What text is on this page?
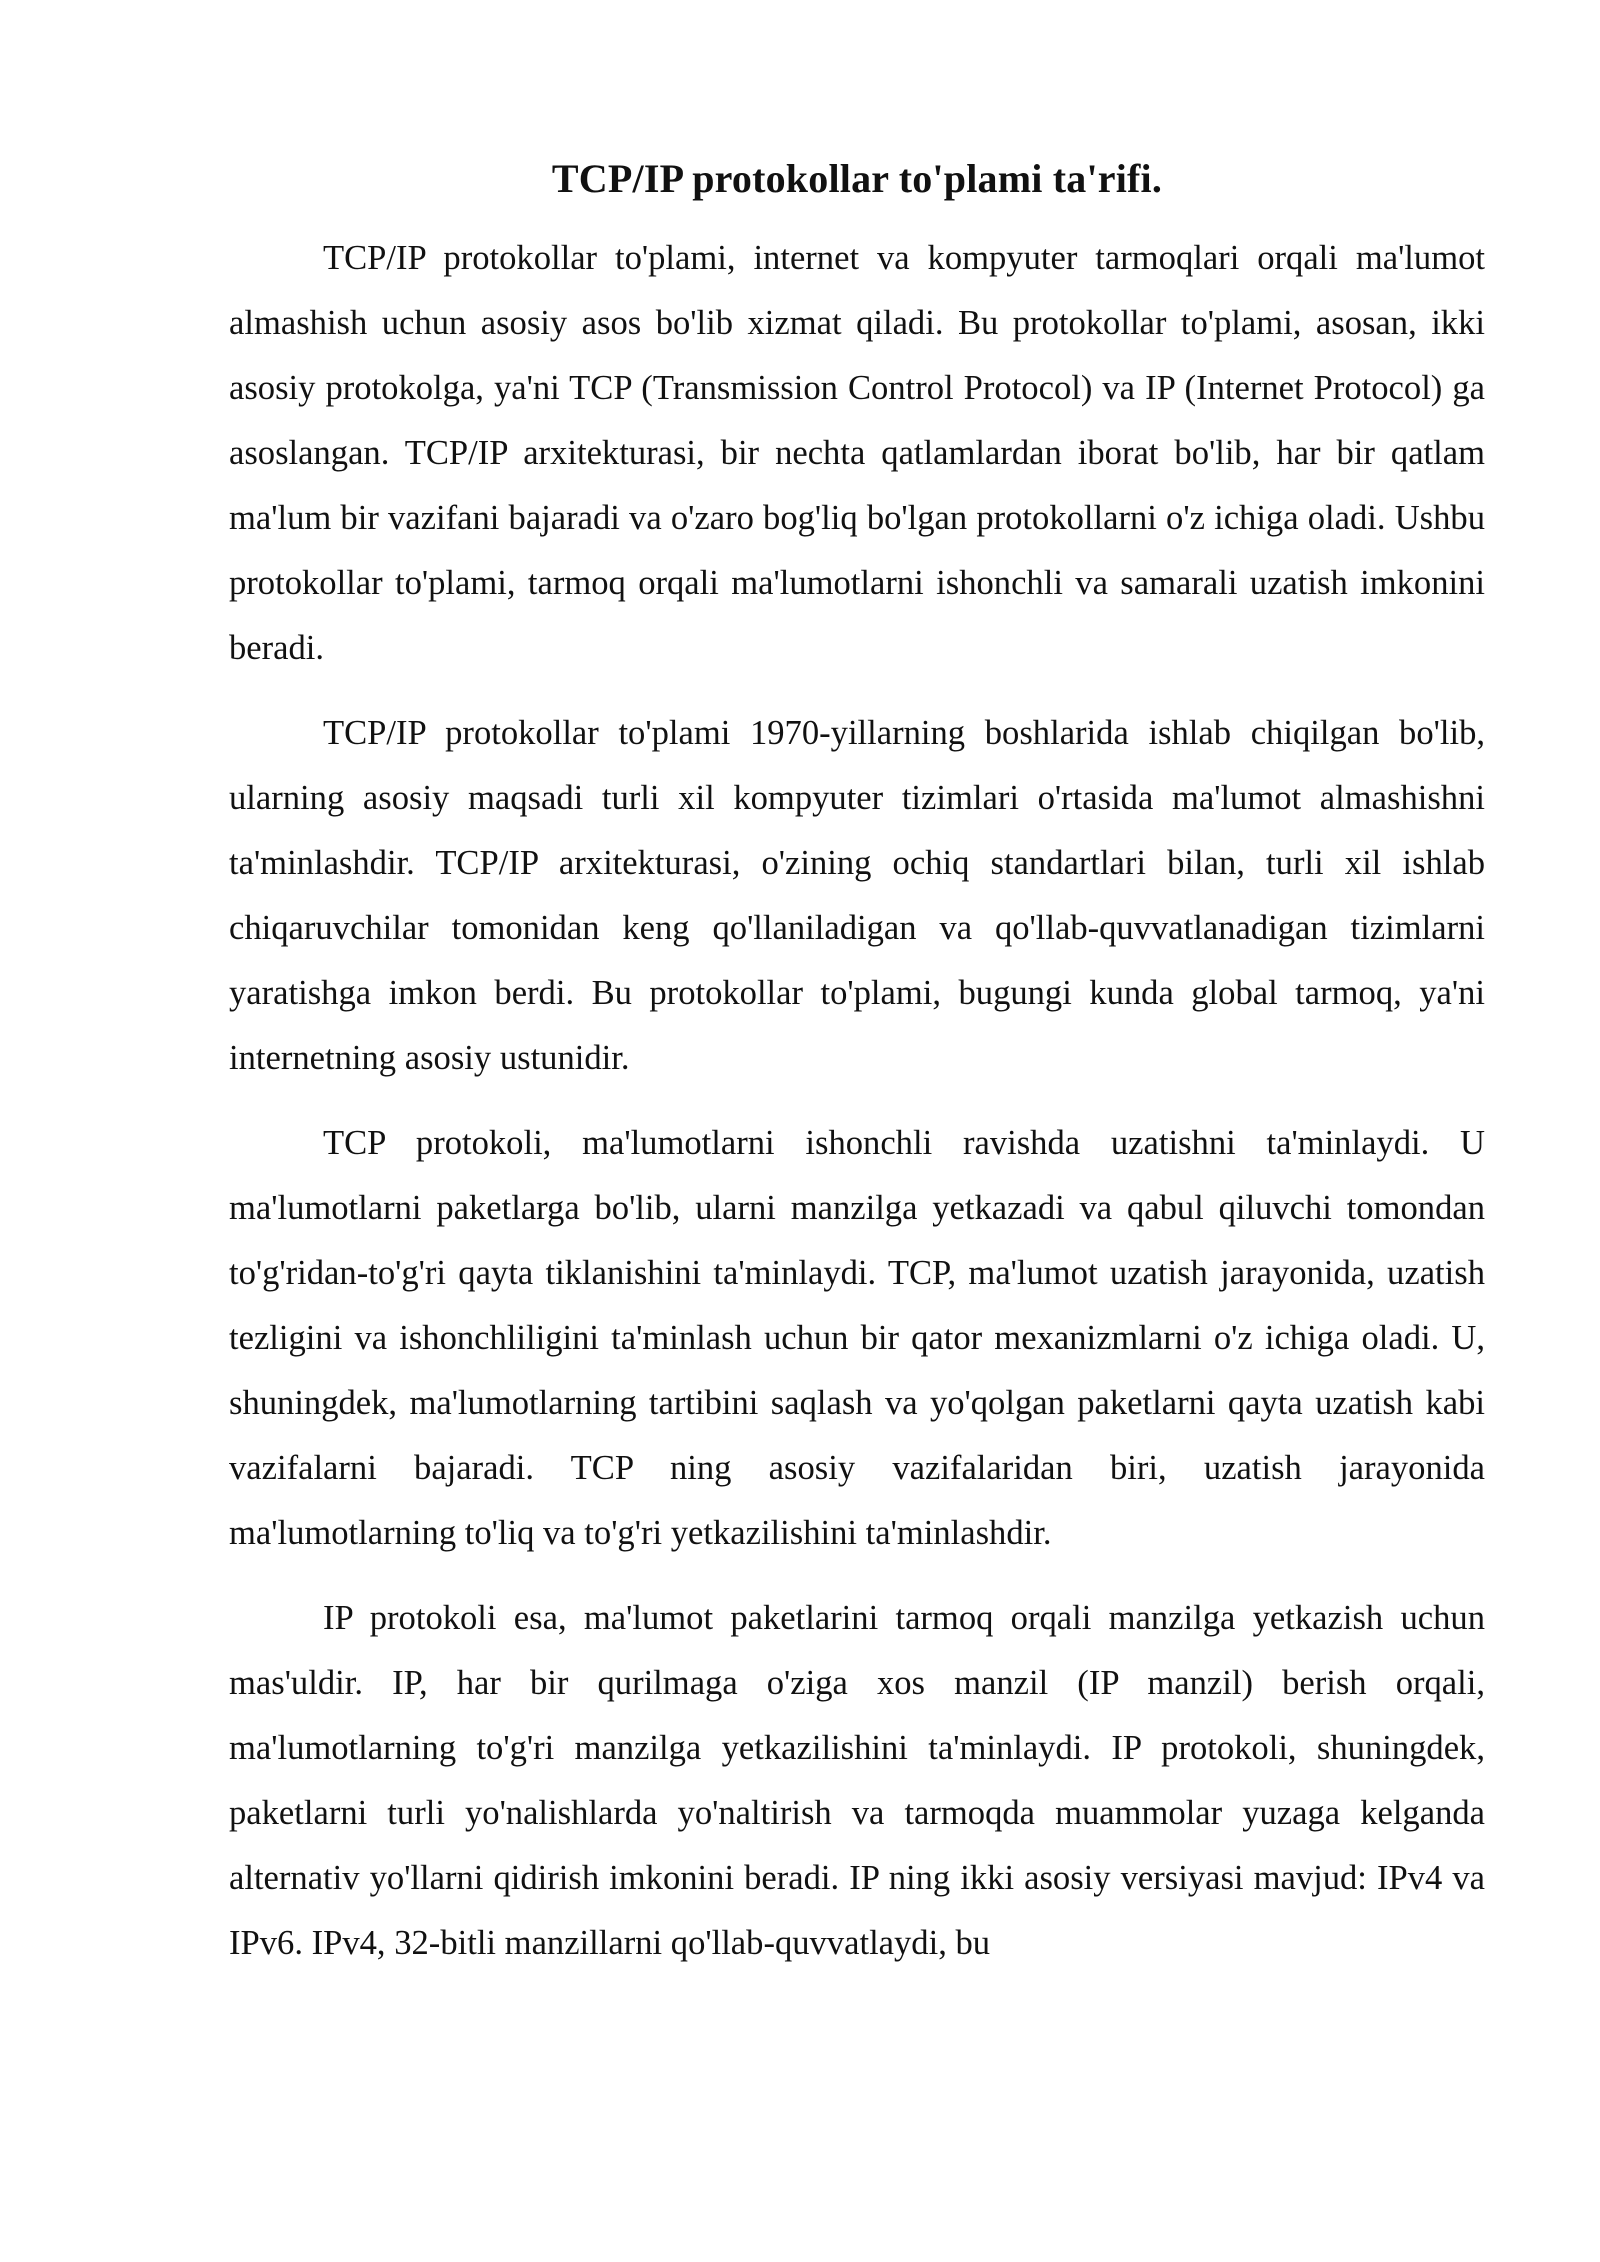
TCP/IP protokollar to'plami ta'rifi.

TCP/IP protokollar to'plami, internet va kompyuter tarmoqlari orqali ma'lumot almashish uchun asosiy asos bo'lib xizmat qiladi. Bu protokollar to'plami, asosan, ikki asosiy protokolga, ya'ni TCP (Transmission Control Protocol) va IP (Internet Protocol) ga asoslangan. TCP/IP arxitekturasi, bir nechta qatlamlardan iborat bo'lib, har bir qatlam ma'lum bir vazifani bajaradi va o'zaro bog'liq bo'lgan protokollarni o'z ichiga oladi. Ushbu protokollar to'plami, tarmoq orqali ma'lumotlarni ishonchli va samarali uzatish imkonini beradi.

TCP/IP protokollar to'plami 1970-yillarning boshlarida ishlab chiqilgan bo'lib, ularning asosiy maqsadi turli xil kompyuter tizimlari o'rtasida ma'lumot almashishni ta'minlashdir. TCP/IP arxitekturasi, o'zining ochiq standartlari bilan, turli xil ishlab chiqaruvchilar tomonidan keng qo'llaniladigan va qo'llab-quvvatlanadigan tizimlarni yaratishga imkon berdi. Bu protokollar to'plami, bugungi kunda global tarmoq, ya'ni internetning asosiy ustunidir.

TCP protokoli, ma'lumotlarni ishonchli ravishda uzatishni ta'minlaydi. U ma'lumotlarni paketlarga bo'lib, ularni manzilga yetkazadi va qabul qiluvchi tomondan to'g'ridan-to'g'ri qayta tiklanishini ta'minlaydi. TCP, ma'lumot uzatish jarayonida, uzatish tezligini va ishonchliligini ta'minlash uchun bir qator mexanizmlarni o'z ichiga oladi. U, shuningdek, ma'lumotlarning tartibini saqlash va yo'qolgan paketlarni qayta uzatish kabi vazifalarni bajaradi. TCP ning asosiy vazifalaridan biri, uzatish jarayonida ma'lumotlarning to'liq va to'g'ri yetkazilishini ta'minlashdir.

IP protokoli esa, ma'lumot paketlarini tarmoq orqali manzilga yetkazish uchun mas'uldir. IP, har bir qurilmaga o'ziga xos manzil (IP manzil) berish orqali, ma'lumotlarning to'g'ri manzilga yetkazilishini ta'minlaydi. IP protokoli, shuningdek, paketlarni turli yo'nalishlarda yo'naltirish va tarmoqda muammolar yuzaga kelganda alternativ yo'llarni qidirish imkonini beradi. IP ning ikki asosiy versiyasi mavjud: IPv4 va IPv6. IPv4, 32-bitli manzillarni qo'llab-quvvatlaydi, bu
